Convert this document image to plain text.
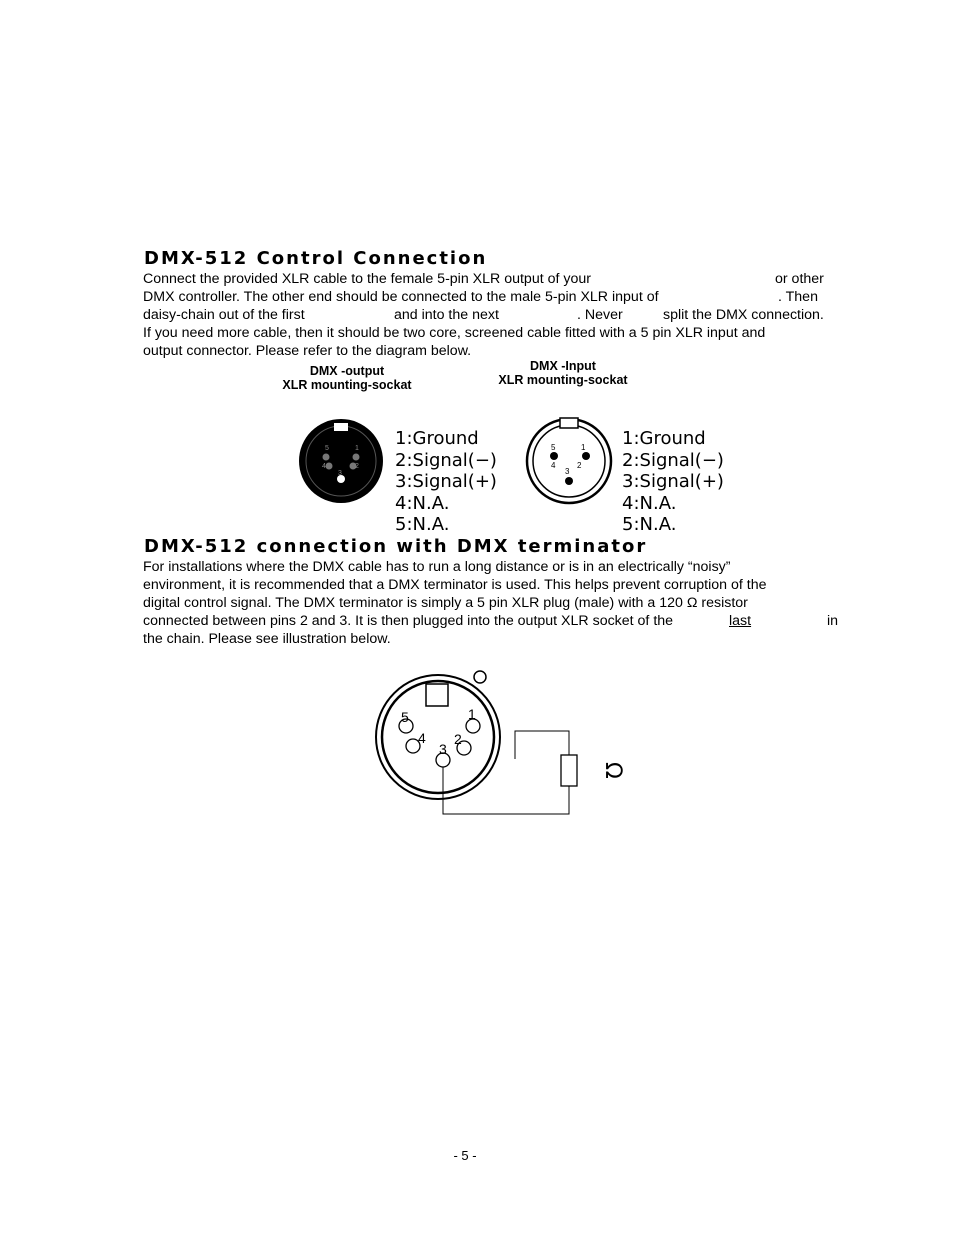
DMX-512 Control Connection
Connect the provided XLR cable to the female 5-pin XLR output of your	or other
DMX controller. The other end should be connected to the male 5-pin XLR input of	. Then
daisy-chain out of the first	and into the next	. Never	split the DMX connection.
If you need more cable, then it should be two core, screened cable fitted with a 5 pin XLR input and
output connector. Please refer to the diagram below.
DMX -output
XLR mounting-sockat
DMX -Input
XLR mounting-sockat
5	1
4	2
3
1:Ground
2:Signal(−)
3:Signal(+)
4:N.A.
5:N.A.
5	1
4	2
3
1:Ground
2:Signal(−)
3:Signal(+)
4:N.A.
5:N.A.
DMX-512 connection with DMX terminator
For installations where the DMX cable has to run a long distance or is in an electrically “noisy”
environment, it is recommended that a DMX terminator is used. This helps prevent corruption of the
digital control signal. The DMX terminator is simply a 5 pin XLR plug (male) with a 120 Ω resistor
connected between pins 2 and 3. It is then plugged into the output XLR socket of the	last	in
the chain. Please see illustration below.
5	1
4 2
3
Ω
- 5 -
